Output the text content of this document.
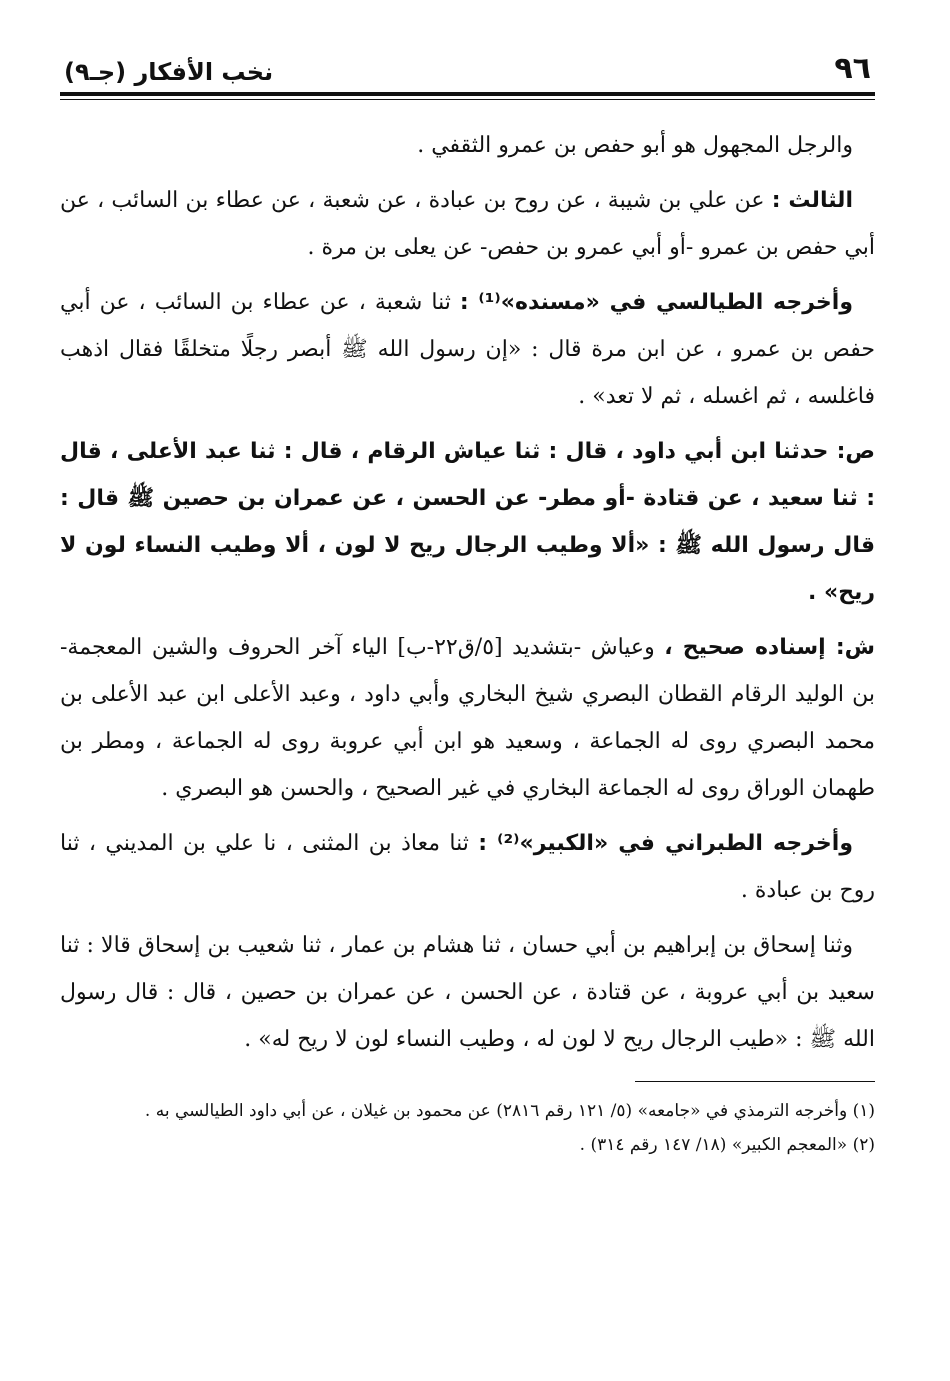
٩٦
نخب الأفكار (جـ٩)

والرجل المجهول هو أبو حفص بن عمرو الثقفي .

الثالث : عن علي بن شيبة ، عن روح بن عبادة ، عن شعبة ، عن عطاء بن السائب ، عن أبي حفص بن عمرو -أو أبي عمرو بن حفص- عن يعلى بن مرة .

وأخرجه الطيالسي في «مسنده»⁽¹⁾ : ثنا شعبة ، عن عطاء بن السائب ، عن أبي حفص بن عمرو ، عن ابن مرة قال : «إن رسول الله ﷺ أبصر رجلًا متخلقًا فقال اذهب فاغلسه ، ثم اغسله ، ثم لا تعد» .

ص: حدثنا ابن أبي داود ، قال : ثنا عياش الرقام ، قال : ثنا عبد الأعلى ، قال : ثنا سعيد ، عن قتادة -أو مطر- عن الحسن ، عن عمران بن حصين ﷺ قال : قال رسول الله ﷺ : «ألا وطيب الرجال ريح لا لون ، ألا وطيب النساء لون لا ريح» .

ش: إسناده صحيح ، وعياش -بتشديد [٥/ق٢٢-ب] الياء آخر الحروف والشين المعجمة- بن الوليد الرقام القطان البصري شيخ البخاري وأبي داود ، وعبد الأعلى ابن عبد الأعلى بن محمد البصري روى له الجماعة ، وسعيد هو ابن أبي عروبة روى له الجماعة ، ومطر بن طهمان الوراق روى له الجماعة البخاري في غير الصحيح ، والحسن هو البصري .

وأخرجه الطبراني في «الكبير»⁽²⁾ : ثنا معاذ بن المثنى ، نا علي بن المديني ، ثنا روح بن عبادة .

وثنا إسحاق بن إبراهيم بن أبي حسان ، ثنا هشام بن عمار ، ثنا شعيب بن إسحاق قالا : ثنا سعيد بن أبي عروبة ، عن قتادة ، عن الحسن ، عن عمران بن حصين ، قال : قال رسول الله ﷺ : «طيب الرجال ريح لا لون له ، وطيب النساء لون لا ريح له» .

(١) وأخرجه الترمذي في «جامعه» (٥/ ١٢١ رقم ٢٨١٦) عن محمود بن غيلان ، عن أبي داود الطيالسي به .

(٢) «المعجم الكبير» (١٨/ ١٤٧ رقم ٣١٤) .
